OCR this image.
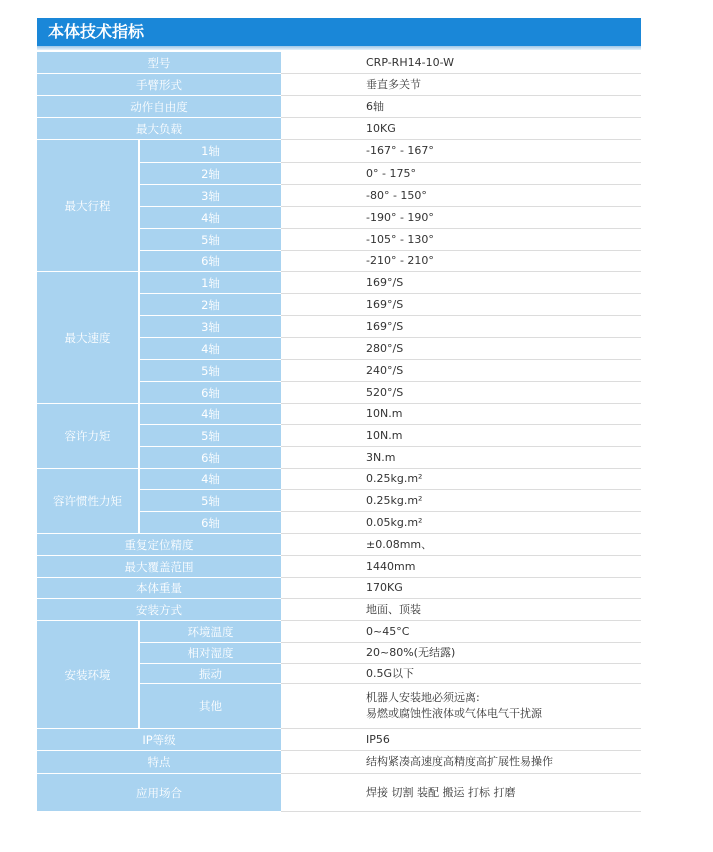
本体技术指标
型号
手臂形式
动作自由度
最大负载
最大行程
1轴
2轴
3轴
4轴
5轴
6轴
最大速度
1轴
2轴
3轴
4轴
5轴
6轴
容许力矩
4轴
5轴
6轴
容许惯性力矩
4轴
5轴
6轴
重复定位精度
最大覆盖范围
本体重量
安装方式
安装环境
环境温度
相对湿度
振动
其他
IP等级
特点
应用场合
CRP-RH14-10-W
垂直多关节
6轴
10KG
-167° - 167°
0° - 175°
-80° - 150°
-190° - 190°
-105° - 130°
-210° - 210°
169°/S
169°/S
169°/S
280°/S
240°/S
520°/S
10N.m
10N.m
3N.m
0.25kg.m²
0.25kg.m²
0.05kg.m²
±0.08mm、
1440mm
170KG
地面、顶装
0~45°C
20~80%(无结露)
0.5G以下
机器人安装地必须远离:
易燃或腐蚀性液体或气体电气干扰源
IP56
结构紧凑高速度高精度高扩展性易操作
焊接 切割 装配 搬运 打标 打磨
